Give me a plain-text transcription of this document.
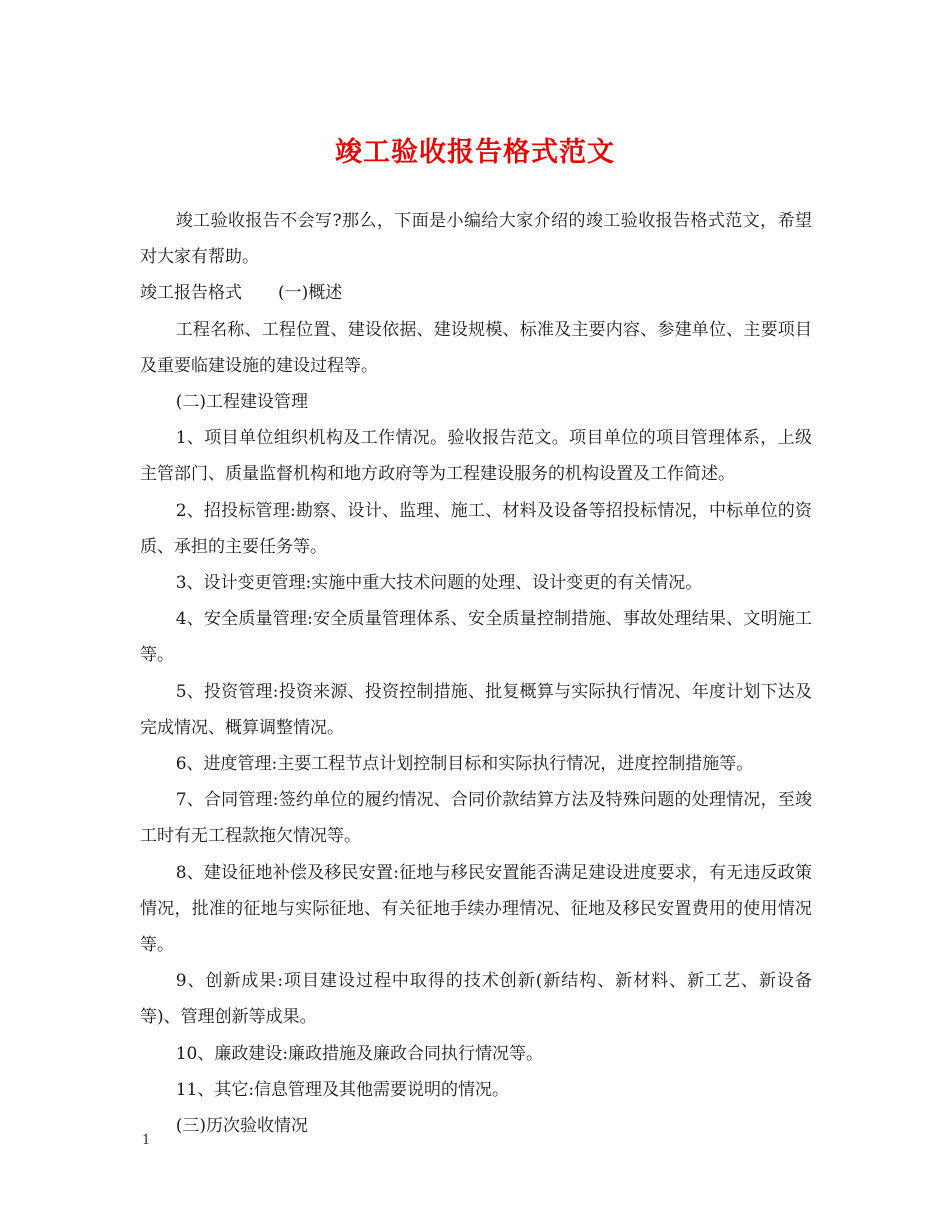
竣工验收报告格式范文

竣工验收报告不会写?那么，下面是小编给大家介绍的竣工验收报告格式范文，希望对大家有帮助。

竣工报告格式 (一)概述

工程名称、工程位置、建设依据、建设规模、标准及主要内容、参建单位、主要项目及重要临建设施的建设过程等。

(二)工程建设管理

1、项目单位组织机构及工作情况。验收报告范文。项目单位的项目管理体系，上级主管部门、质量监督机构和地方政府等为工程建设服务的机构设置及工作简述。

2、招投标管理:勘察、设计、监理、施工、材料及设备等招投标情况，中标单位的资质、承担的主要任务等。

3、设计变更管理:实施中重大技术问题的处理、设计变更的有关情况。

4、安全质量管理:安全质量管理体系、安全质量控制措施、事故处理结果、文明施工等。

5、投资管理:投资来源、投资控制措施、批复概算与实际执行情况、年度计划下达及完成情况、概算调整情况。

6、进度管理:主要工程节点计划控制目标和实际执行情况，进度控制措施等。

7、合同管理:签约单位的履约情况、合同价款结算方法及特殊问题的处理情况，至竣工时有无工程款拖欠情况等。

8、建设征地补偿及移民安置:征地与移民安置能否满足建设进度要求，有无违反政策情况，批准的征地与实际征地、有关征地手续办理情况、征地及移民安置费用的使用情况等。

9、创新成果:项目建设过程中取得的技术创新(新结构、新材料、新工艺、新设备等)、管理创新等成果。

10、廉政建设:廉政措施及廉政合同执行情况等。

11、其它:信息管理及其他需要说明的情况。

(三)历次验收情况

1
